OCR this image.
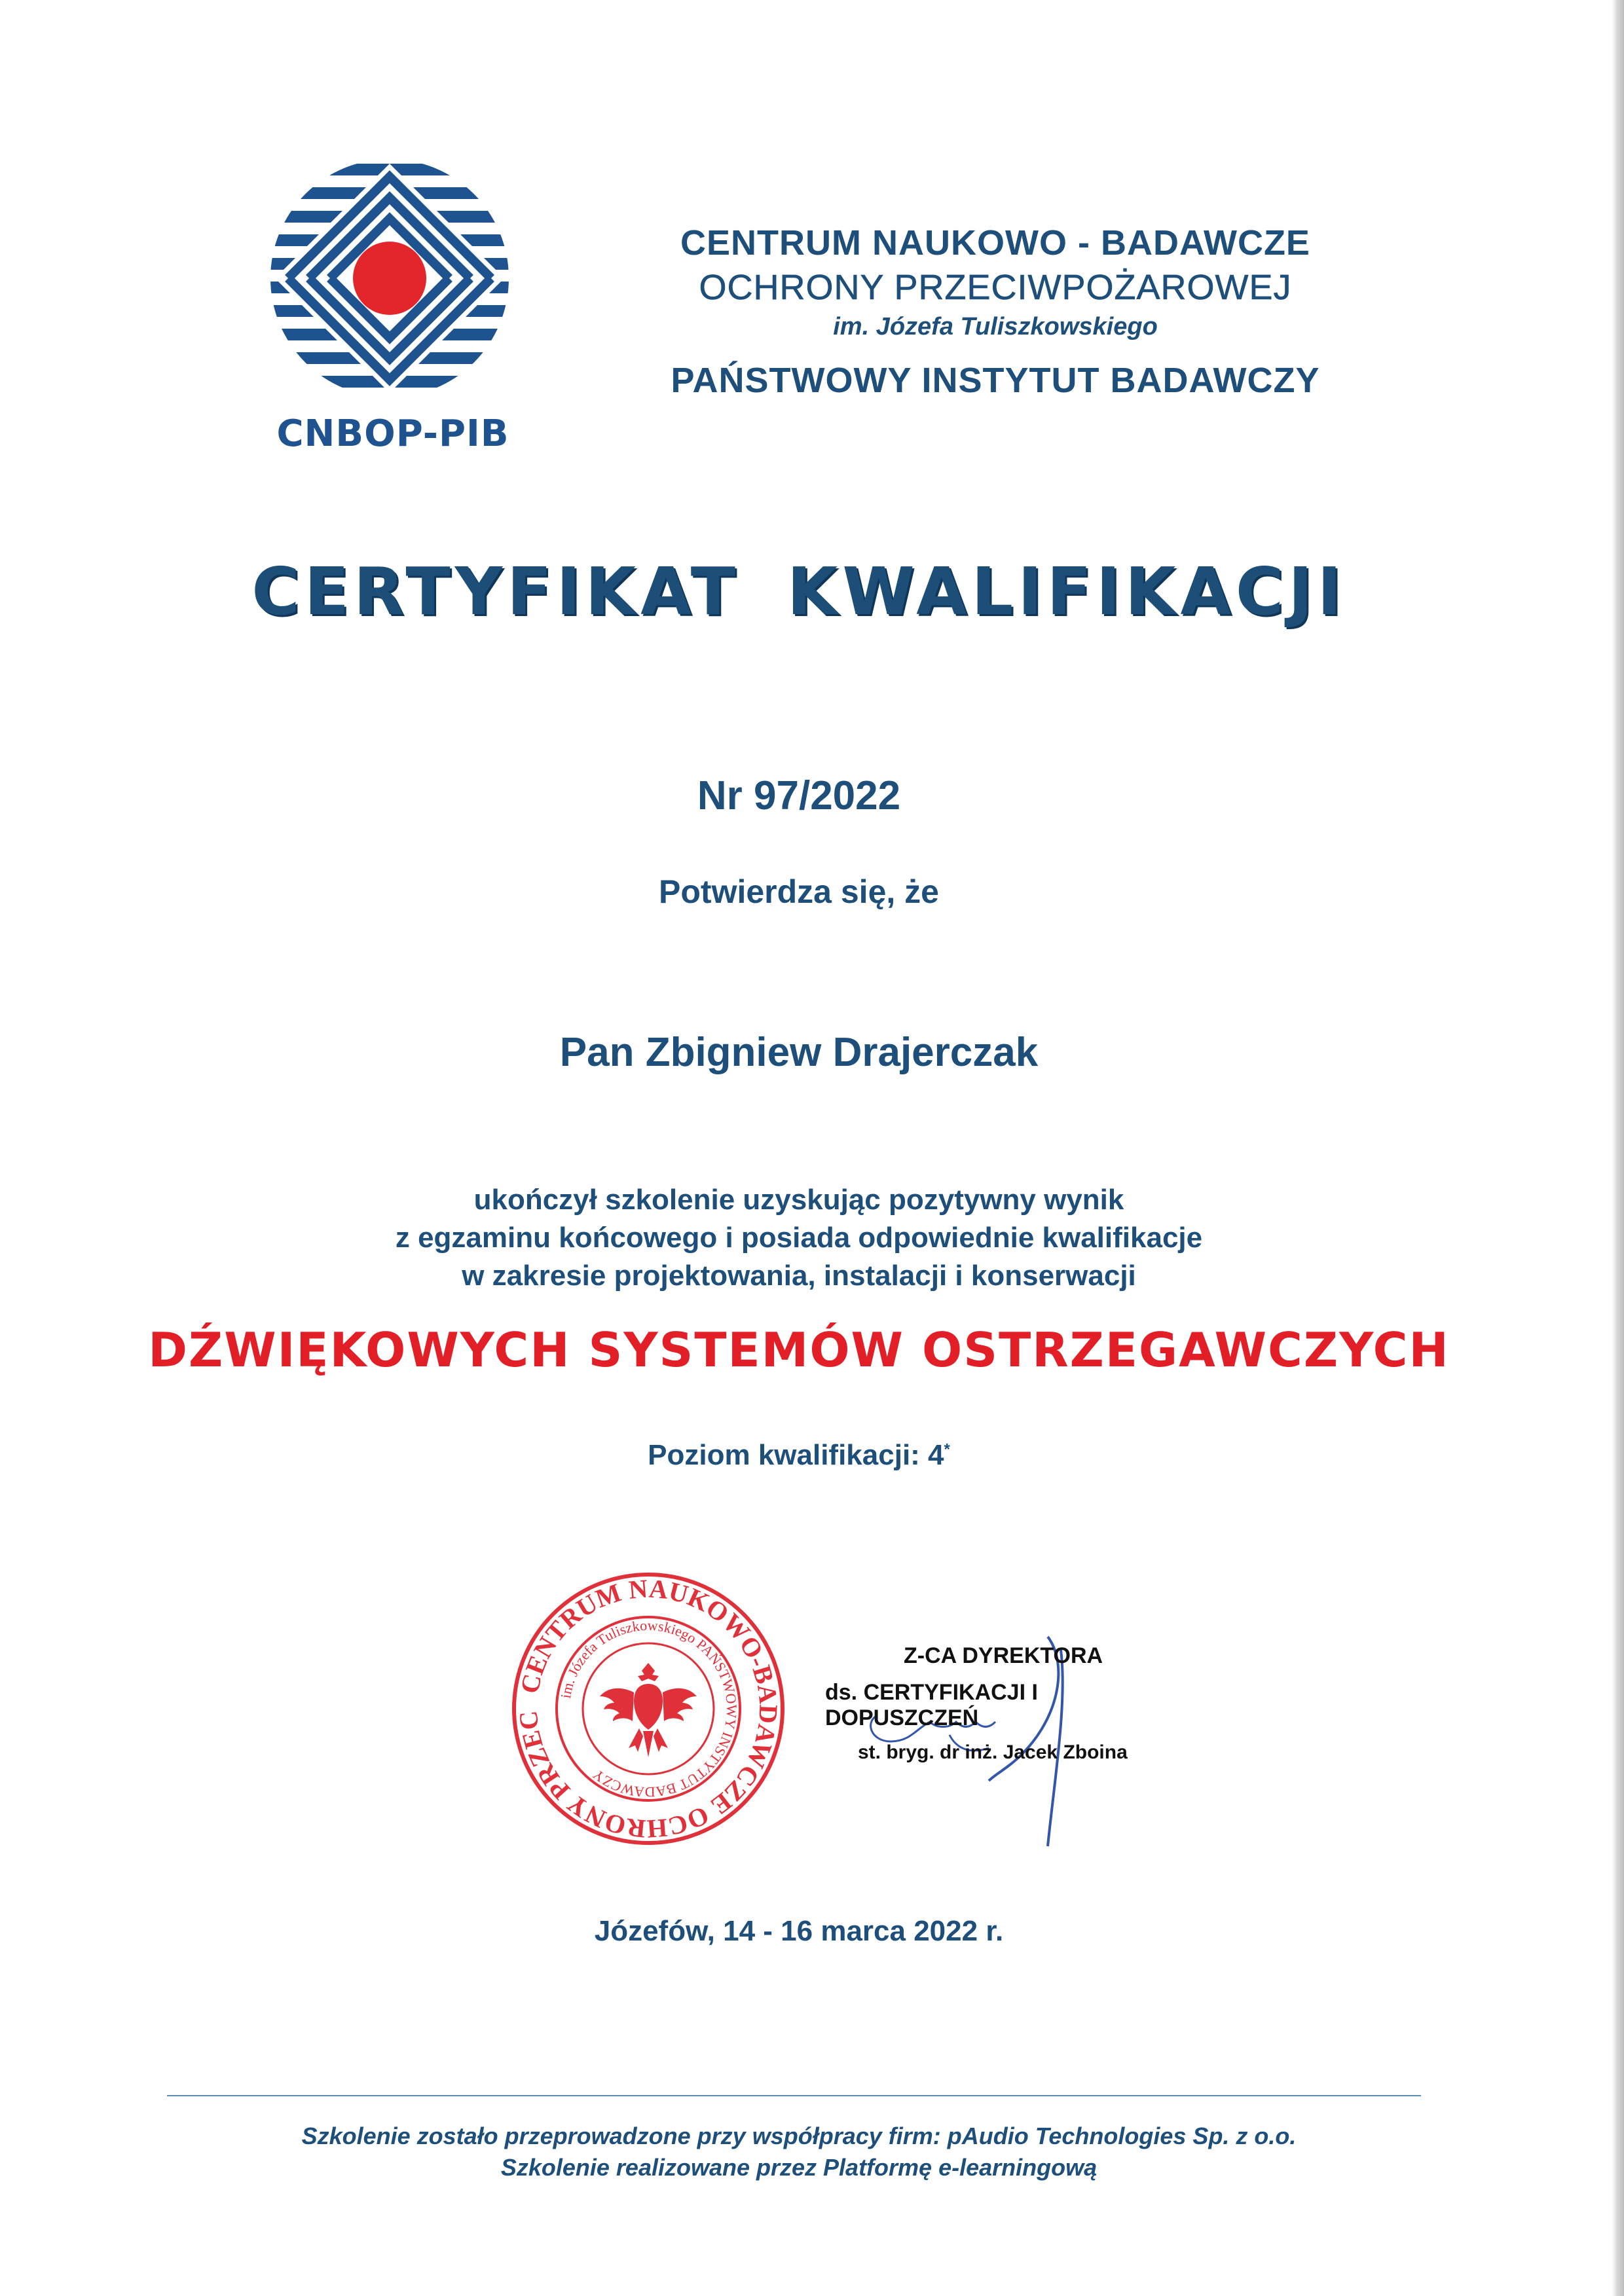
CNBOP-PIB
CENTRUM NAUKOWO - BADAWCZE
OCHRONY PRZECIWPOŻAROWEJ
im. Józefa Tuliszkowskiego
PAŃSTWOWY INSTYTUT BADAWCZY
CERTYFIKAT KWALIFIKACJI
Nr 97/2022
Potwierdza się, że
Pan Zbigniew Drajerczak
ukończył szkolenie uzyskując pozytywny wynik
z egzaminu końcowego i posiada odpowiednie kwalifikacje
w zakresie projektowania, instalacji i konserwacji
DŹWIĘKOWYCH SYSTEMÓW OSTRZEGAWCZYCH
Poziom kwalifikacji: 4*
CENTRUM NAUKOWO-BADAWCZE OCHRONY PRZEC
im. Józefa Tuliszkowskiego PAŃSTWOWY INSTYTUT BADAWCZY
Z-CA DYREKTORA
ds. CERTYFIKACJI I DOPUSZCZEŃ
st. bryg. dr inż. Jacek Zboina
Józefów, 14 - 16 marca 2022 r.
Szkolenie zostało przeprowadzone przy współpracy firm: pAudio Technologies Sp. z o.o.
Szkolenie realizowane przez Platformę e-learningową
